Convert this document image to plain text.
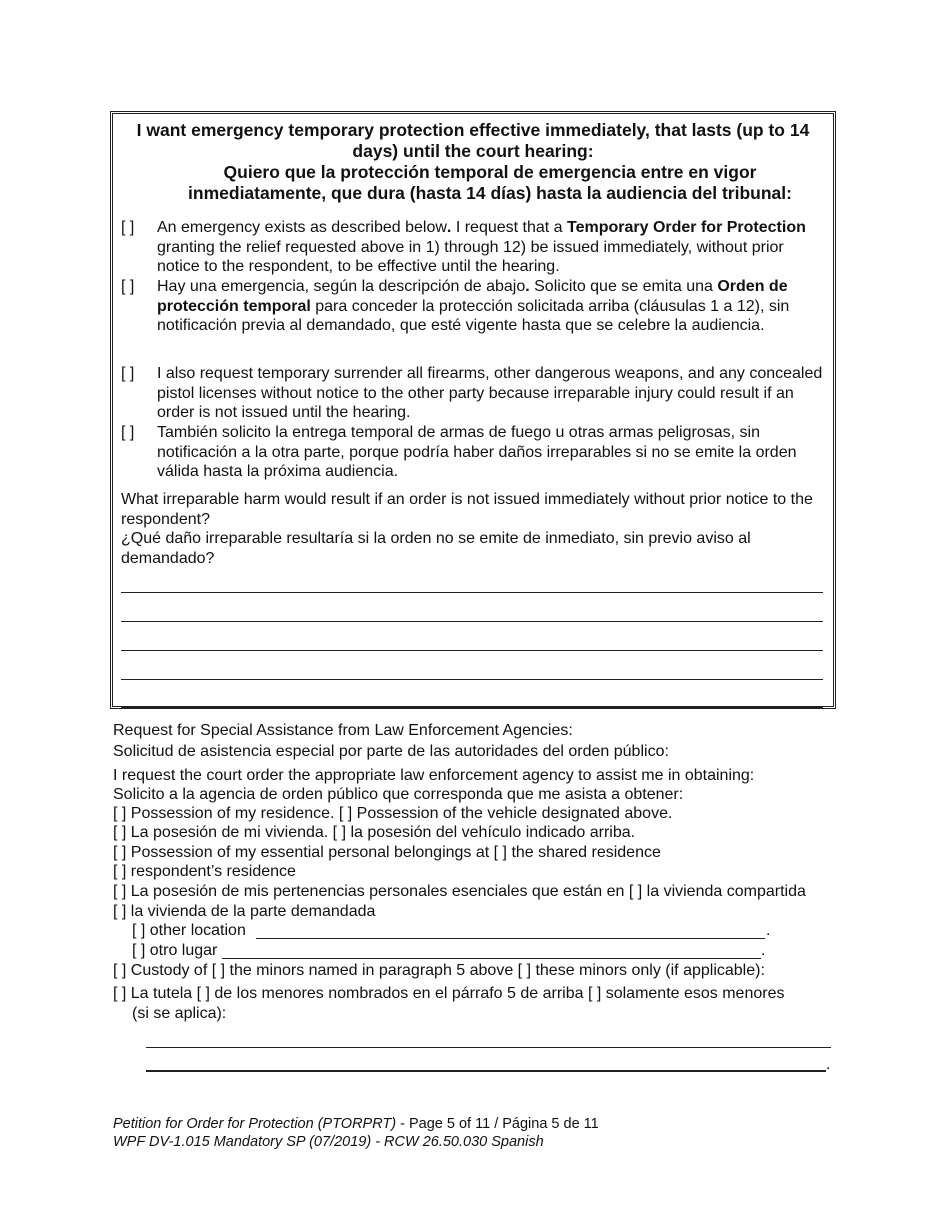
I want emergency temporary protection effective immediately, that lasts (up to 14 days) until the court hearing:
Quiero que la protección temporal de emergencia entre en vigor inmediatamente, que dura (hasta 14 días) hasta la audiencia del tribunal:
[ ]	An emergency exists as described below. I request that a Temporary Order for Protection granting the relief requested above in 1) through 12) be issued immediately, without prior notice to the respondent, to be effective until the hearing.
[ ]	Hay una emergencia, según la descripción de abajo. Solicito que se emita una Orden de protección temporal para conceder la protección solicitada arriba (cláusulas 1 a 12), sin notificación previa al demandado, que esté vigente hasta que se celebre la audiencia.
[ ]	I also request temporary surrender all firearms, other dangerous weapons, and any concealed pistol licenses without notice to the other party because irreparable injury could result if an order is not issued until the hearing.
[ ]	También solicito la entrega temporal de armas de fuego u otras armas peligrosas, sin notificación a la otra parte, porque podría haber daños irreparables si no se emite la orden válida hasta la próxima audiencia.
What irreparable harm would result if an order is not issued immediately without prior notice to the respondent?
¿Qué daño irreparable resultaría si la orden no se emite de inmediato, sin previo aviso al demandado?
Request for Special Assistance from Law Enforcement Agencies:
Solicitud de asistencia especial por parte de las autoridades del orden público:
I request the court order the appropriate law enforcement agency to assist me in obtaining:
Solicito a la agencia de orden público que corresponda que me asista a obtener:
[ ] Possession of my residence. [ ] Possession of the vehicle designated above.
[ ] La posesión de mi vivienda. [ ] la posesión del vehículo indicado arriba.
[ ] Possession of my essential personal belongings at [ ] the shared residence
[ ] respondent’s residence
[ ] La posesión de mis pertenencias personales esenciales que están en [ ] la vivienda compartida
[ ] la vivienda de la parte demandada
[ ] other location	.
[ ] otro lugar	.
[ ] Custody of [ ] the minors named in paragraph 5 above [ ] these minors only (if applicable):
[ ] La tutela [ ] de los menores nombrados en el párrafo 5 de arriba [ ] solamente esos menores
(si se aplica):
.
Petition for Order for Protection (PTORPRT) - Page 5 of 11 / Página 5 de 11
WPF DV-1.015 Mandatory SP (07/2019) - RCW 26.50.030 Spanish
